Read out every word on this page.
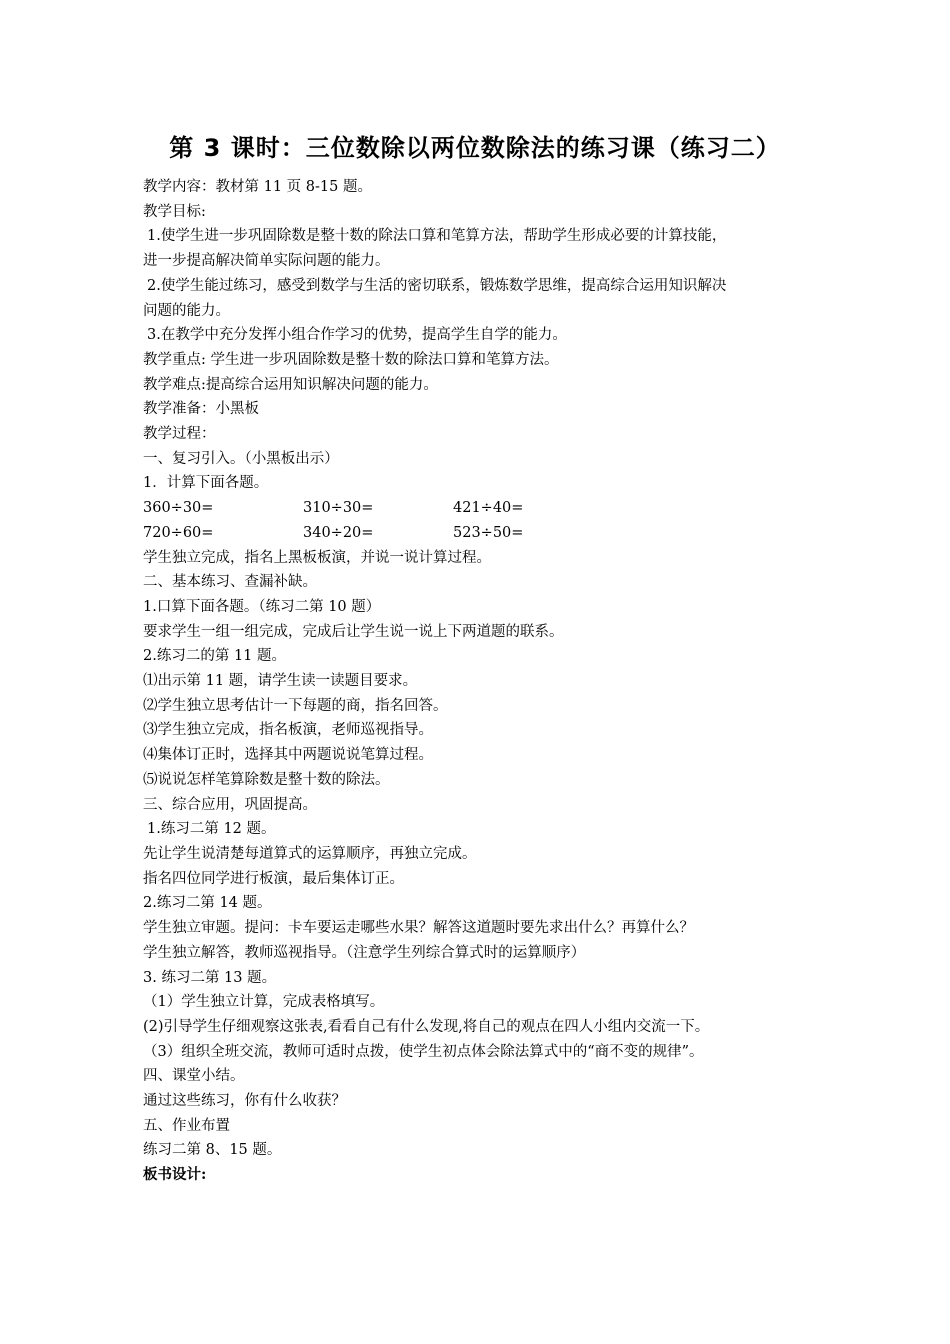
第 3 课时：三位数除以两位数除法的练习课（练习二）
教学内容：教材第 11 页 8-15 题。
教学目标:
1.使学生进一步巩固除数是整十数的除法口算和笔算方法，帮助学生形成必要的计算技能，
进一步提高解决简单实际问题的能力。
2.使学生能过练习，感受到数学与生活的密切联系，锻炼数学思维，提高综合运用知识解决
问题的能力。
3.在教学中充分发挥小组合作学习的优势，提高学生自学的能力。
教学重点: 学生进一步巩固除数是整十数的除法口算和笔算方法。
教学难点:提高综合运用知识解决问题的能力。
教学准备：小黑板
教学过程：
一、复习引入。（小黑板出示）
1．计算下面各题。
360÷30=	310÷30=	421÷40=
720÷60=	340÷20=	523÷50=
学生独立完成，指名上黑板板演，并说一说计算过程。
二、基本练习、查漏补缺。
1.口算下面各题。（练习二第 10 题）
要求学生一组一组完成，完成后让学生说一说上下两道题的联系。
2.练习二的第 11 题。
⑴出示第 11 题，请学生读一读题目要求。
⑵学生独立思考估计一下每题的商，指名回答。
⑶学生独立完成，指名板演，老师巡视指导。
⑷集体订正时，选择其中两题说说笔算过程。
⑸说说怎样笔算除数是整十数的除法。
三、综合应用，巩固提高。
1.练习二第 12 题。
先让学生说清楚每道算式的运算顺序，再独立完成。
指名四位同学进行板演，最后集体订正。
2.练习二第 14 题。
学生独立审题。提问：卡车要运走哪些水果？解答这道题时要先求出什么？再算什么？
学生独立解答，教师巡视指导。（注意学生列综合算式时的运算顺序）
3. 练习二第 13 题。
（1）学生独立计算，完成表格填写。
(2)引导学生仔细观察这张表,看看自己有什么发现,将自己的观点在四人小组内交流一下。
（3）组织全班交流，教师可适时点拨，使学生初点体会除法算式中的“商不变的规律”。
四、课堂小结。
通过这些练习，你有什么收获？
五、作业布置
练习二第 8、15 题。
板书设计:
